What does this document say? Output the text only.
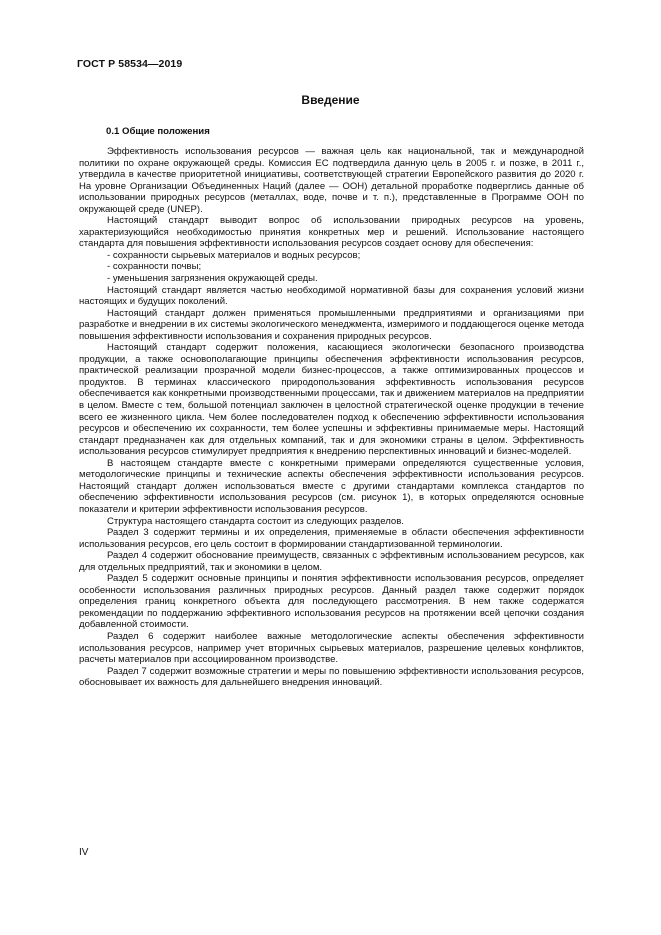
ГОСТ Р 58534—2019
Введение
0.1 Общие положения

Эффективность использования ресурсов — важная цель как национальной, так и международной политики по охране окружающей среды. Комиссия ЕС подтвердила данную цель в 2005 г. и позже, в 2011 г., утвердила в качестве приоритетной инициативы, соответствующей стратегии Европейского развития до 2020 г. На уровне Организации Объединенных Наций (далее — ООН) детальной проработке подверглись данные об использовании природных ресурсов (металлах, воде, почве и т. п.), представленные в Программе ООН по окружающей среде (UNEP).

Настоящий стандарт выводит вопрос об использовании природных ресурсов на уровень, характеризующийся необходимостью принятия конкретных мер и решений. Использование настоящего стандарта для повышения эффективности использования ресурсов создает основу для обеспечения:

- сохранности сырьевых материалов и водных ресурсов;

- сохранности почвы;

- уменьшения загрязнения окружающей среды.

Настоящий стандарт является частью необходимой нормативной базы для сохранения условий жизни настоящих и будущих поколений.

Настоящий стандарт должен применяться промышленными предприятиями и организациями при разработке и внедрении в их системы экологического менеджмента, измеримого и поддающегося оценке метода повышения эффективности использования и сохранения природных ресурсов.

Настоящий стандарт содержит положения, касающиеся экологически безопасного производства продукции, а также основополагающие принципы обеспечения эффективности использования ресурсов, практической реализации прозрачной модели бизнес-процессов, а также оптимизированных процессов и продуктов. В терминах классического природопользования эффективность использования ресурсов обеспечивается как конкретными производственными процессами, так и движением материалов на предприятии в целом. Вместе с тем, большой потенциал заключен в целостной стратегической оценке продукции в течение всего ее жизненного цикла. Чем более последователен подход к обеспечению эффективности использования ресурсов и обеспечению их сохранности, тем более успешны и эффективны принимаемые меры. Настоящий стандарт предназначен как для отдельных компаний, так и для экономики страны в целом. Эффективность использования ресурсов стимулирует предприятия к внедрению перспективных инноваций и бизнес-моделей.

В настоящем стандарте вместе с конкретными примерами определяются существенные условия, методологические принципы и технические аспекты обеспечения эффективности использования ресурсов. Настоящий стандарт должен использоваться вместе с другими стандартами комплекса стандартов по обеспечению эффективности использования ресурсов (см. рисунок 1), в которых определяются основные показатели и критерии эффективности использования ресурсов.

Структура настоящего стандарта состоит из следующих разделов.

Раздел 3 содержит термины и их определения, применяемые в области обеспечения эффективности использования ресурсов, его цель состоит в формировании стандартизованной терминологии.

Раздел 4 содержит обоснование преимуществ, связанных с эффективным использованием ресурсов, как для отдельных предприятий, так и экономики в целом.

Раздел 5 содержит основные принципы и понятия эффективности использования ресурсов, определяет особенности использования различных природных ресурсов. Данный раздел также содержит порядок определения границ конкретного объекта для последующего рассмотрения. В нем также содержатся рекомендации по поддержанию эффективного использования ресурсов на протяжении всей цепочки создания добавленной стоимости.

Раздел 6 содержит наиболее важные методологические аспекты обеспечения эффективности использования ресурсов, например учет вторичных сырьевых материалов, разрешение целевых конфликтов, расчеты материалов при ассоциированном производстве.

Раздел 7 содержит возможные стратегии и меры по повышению эффективности использования ресурсов, обосновывает их важность для дальнейшего внедрения инноваций.

IV
